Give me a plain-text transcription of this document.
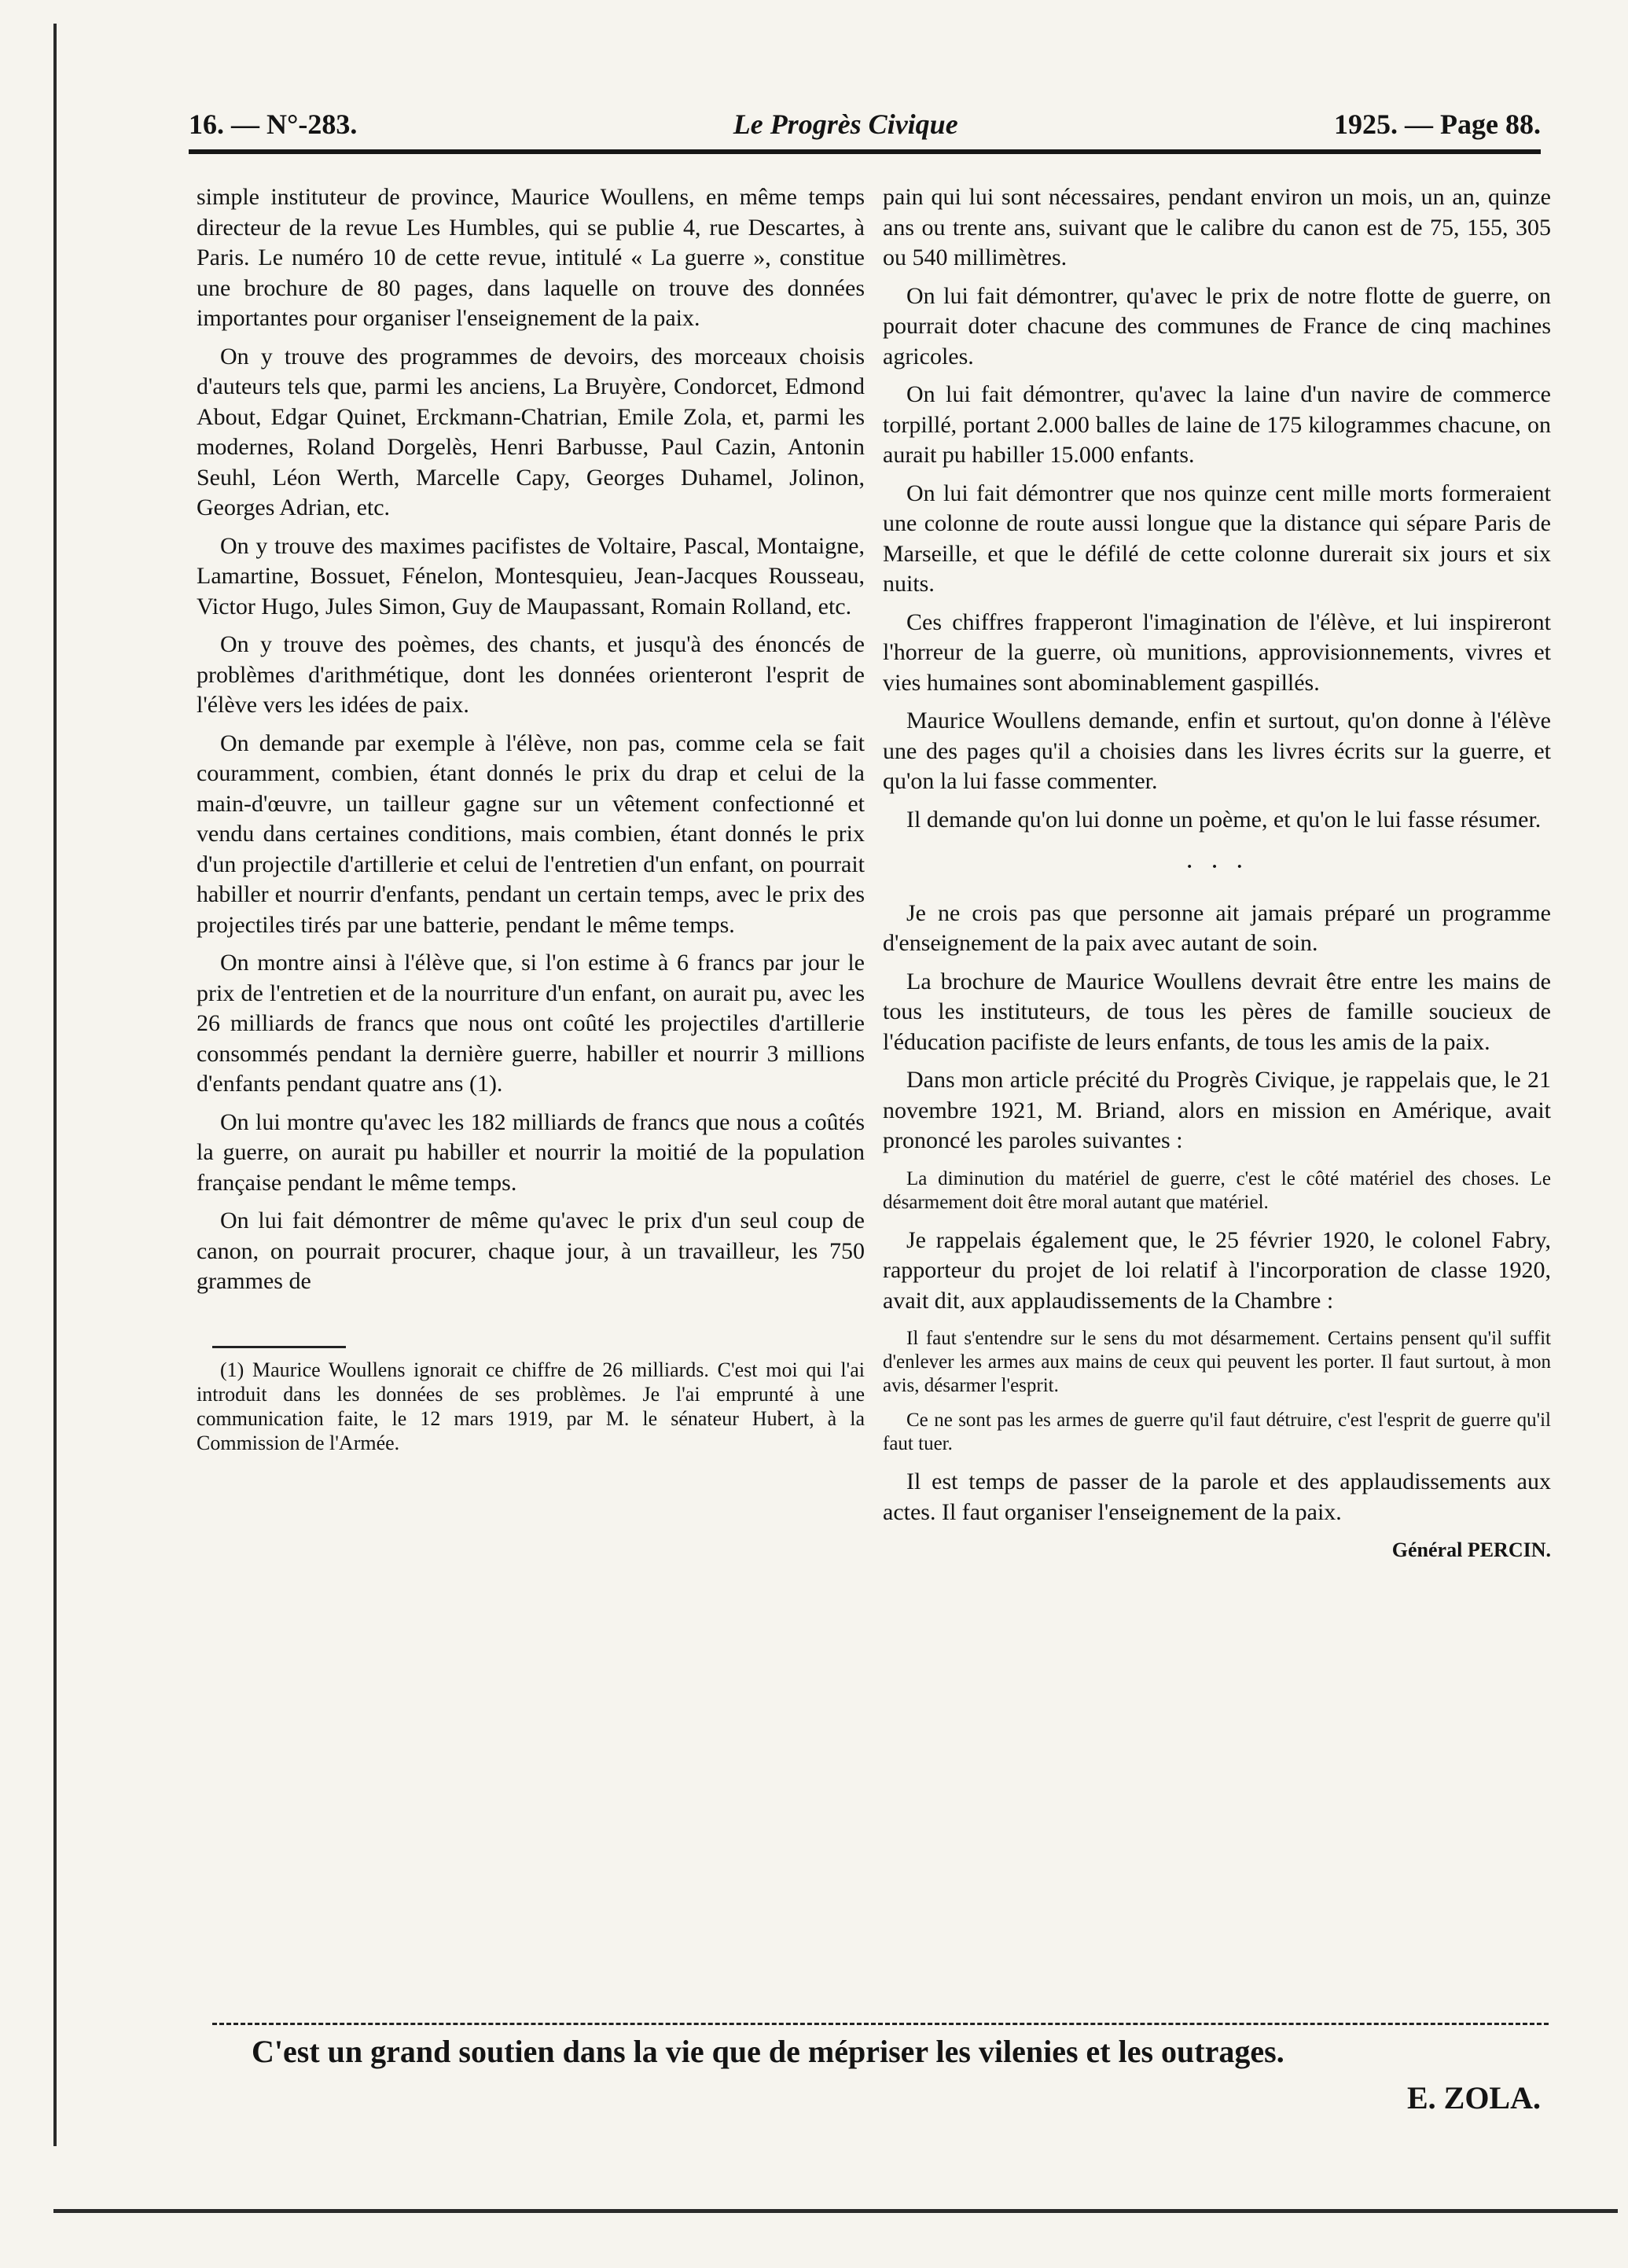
16. — N°-283.	Le Progrès Civique	1925. — Page 88.

simple instituteur de province, Maurice Woullens, en même temps directeur de la revue Les Humbles, qui se publie 4, rue Descartes, à Paris. Le numéro 10 de cette revue, intitulé « La guerre », constitue une brochure de 80 pages, dans laquelle on trouve des données importantes pour organiser l'enseignement de la paix.

On y trouve des programmes de devoirs, des morceaux choisis d'auteurs tels que, parmi les anciens, La Bruyère, Condorcet, Edmond About, Edgar Quinet, Erckmann-Chatrian, Emile Zola, et, parmi les modernes, Roland Dorgelès, Henri Barbusse, Paul Cazin, Antonin Seuhl, Léon Werth, Marcelle Capy, Georges Duhamel, Jolinon, Georges Adrian, etc.

On y trouve des maximes pacifistes de Voltaire, Pascal, Montaigne, Lamartine, Bossuet, Fénelon, Montesquieu, Jean-Jacques Rousseau, Victor Hugo, Jules Simon, Guy de Maupassant, Romain Rolland, etc.

On y trouve des poèmes, des chants, et jusqu'à des énoncés de problèmes d'arithmétique, dont les données orienteront l'esprit de l'élève vers les idées de paix.

On demande par exemple à l'élève, non pas, comme cela se fait couramment, combien, étant donnés le prix du drap et celui de la main-d'œuvre, un tailleur gagne sur un vêtement confectionné et vendu dans certaines conditions, mais combien, étant donnés le prix d'un projectile d'artillerie et celui de l'entretien d'un enfant, on pourrait habiller et nourrir d'enfants, pendant un certain temps, avec le prix des projectiles tirés par une batterie, pendant le même temps.

On montre ainsi à l'élève que, si l'on estime à 6 francs par jour le prix de l'entretien et de la nourriture d'un enfant, on aurait pu, avec les 26 milliards de francs que nous ont coûté les projectiles d'artillerie consommés pendant la dernière guerre, habiller et nourrir 3 millions d'enfants pendant quatre ans (1).

On lui montre qu'avec les 182 milliards de francs que nous a coûtés la guerre, on aurait pu habiller et nourrir la moitié de la population française pendant le même temps.

On lui fait démontrer de même qu'avec le prix d'un seul coup de canon, on pourrait procurer, chaque jour, à un travailleur, les 750 grammes de

(1) Maurice Woullens ignorait ce chiffre de 26 milliards. C'est moi qui l'ai introduit dans les données de ses problèmes. Je l'ai emprunté à une communication faite, le 12 mars 1919, par M. le sénateur Hubert, à la Commission de l'Armée.

pain qui lui sont nécessaires, pendant environ un mois, un an, quinze ans ou trente ans, suivant que le calibre du canon est de 75, 155, 305 ou 540 millimètres.

On lui fait démontrer, qu'avec le prix de notre flotte de guerre, on pourrait doter chacune des communes de France de cinq machines agricoles.

On lui fait démontrer, qu'avec la laine d'un navire de commerce torpillé, portant 2.000 balles de laine de 175 kilogrammes chacune, on aurait pu habiller 15.000 enfants.

On lui fait démontrer que nos quinze cent mille morts formeraient une colonne de route aussi longue que la distance qui sépare Paris de Marseille, et que le défilé de cette colonne durerait six jours et six nuits.

Ces chiffres frapperont l'imagination de l'élève, et lui inspireront l'horreur de la guerre, où munitions, approvisionnements, vivres et vies humaines sont abominablement gaspillés.

Maurice Woullens demande, enfin et surtout, qu'on donne à l'élève une des pages qu'il a choisies dans les livres écrits sur la guerre, et qu'on la lui fasse commenter.

Il demande qu'on lui donne un poème, et qu'on le lui fasse résumer.

· · ·

Je ne crois pas que personne ait jamais préparé un programme d'enseignement de la paix avec autant de soin.

La brochure de Maurice Woullens devrait être entre les mains de tous les instituteurs, de tous les pères de famille soucieux de l'éducation pacifiste de leurs enfants, de tous les amis de la paix.

Dans mon article précité du Progrès Civique, je rappelais que, le 21 novembre 1921, M. Briand, alors en mission en Amérique, avait prononcé les paroles suivantes :

La diminution du matériel de guerre, c'est le côté matériel des choses. Le désarmement doit être moral autant que matériel.

Je rappelais également que, le 25 février 1920, le colonel Fabry, rapporteur du projet de loi relatif à l'incorporation de classe 1920, avait dit, aux applaudissements de la Chambre :

Il faut s'entendre sur le sens du mot désarmement. Certains pensent qu'il suffit d'enlever les armes aux mains de ceux qui peuvent les porter. Il faut surtout, à mon avis, désarmer l'esprit.

Ce ne sont pas les armes de guerre qu'il faut détruire, c'est l'esprit de guerre qu'il faut tuer.

Il est temps de passer de la parole et des applaudissements aux actes. Il faut organiser l'enseignement de la paix.

Général PERCIN.
C'est un grand soutien dans la vie que de mépriser les vilenies et les outrages.
E. ZOLA.
